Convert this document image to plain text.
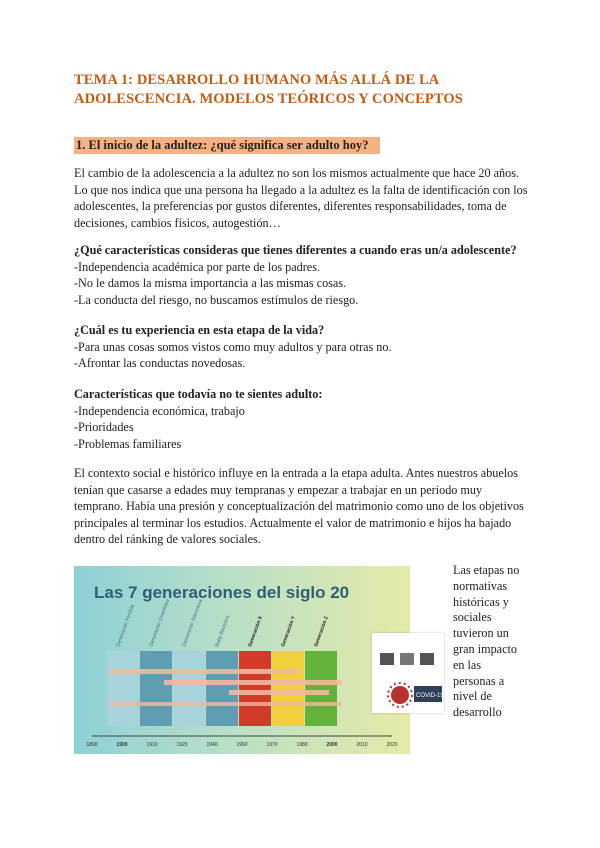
TEMA 1: DESARROLLO HUMANO MÁS ALLÁ DE LA
ADOLESCENCIA. MODELOS TEÓRICOS Y CONCEPTOS
1. El inicio de la adultez: ¿qué significa ser adulto hoy?
El cambio de la adolescencia a la adultez no son los mismos actualmente que hace 20 años.
Lo que nos indica que una persona ha llegado a la adultez es la falta de identificación con los
adolescentes, la preferencias por gustos diferentes, diferentes responsabilidades, toma de
decisiones, cambios físicos, autogestión…
¿Qué características consideras que tienes diferentes a cuando eras un/a adolescente?
-Independencia académica por parte de los padres.
-No le damos la misma importancia a las mismas cosas.
-La conducta del riesgo, no buscamos estímulos de riesgo.
¿Cuál es tu experiencia en esta etapa de la vida?
-Para unas cosas somos vistos como muy adultos y para otras no.
-Afrontar las conductas novedosas.
Características que todavía no te sientes adulto:
-Independencia económica, trabajo
-Prioridades
-Problemas familiares
El contexto social e histórico influye en la entrada a la etapa adulta. Antes nuestros abuelos
tenían que casarse a edades muy tempranas y empezar a trabajar en un periodo muy
temprano. Había una presión y conceptualización del matrimonio como uno de los objetivos
principales al terminar los estudios. Actualmente el valor de matrimonio e hijos ha bajado
dentro del ránking de valores sociales.
Las 7 generaciones del siglo 20
Generación Perdida Generación Grandiosa Generación Silenciosa Baby Boomers	Generación X	Generación Y	Generación Z
1890	1900	1910	1920	1940	1960	1970	1980	2000	2010	2020
COVID-19
Las etapas no
normativas
históricas y
sociales
tuvieron un
gran impacto
en las
personas a
nivel de
desarrollo
